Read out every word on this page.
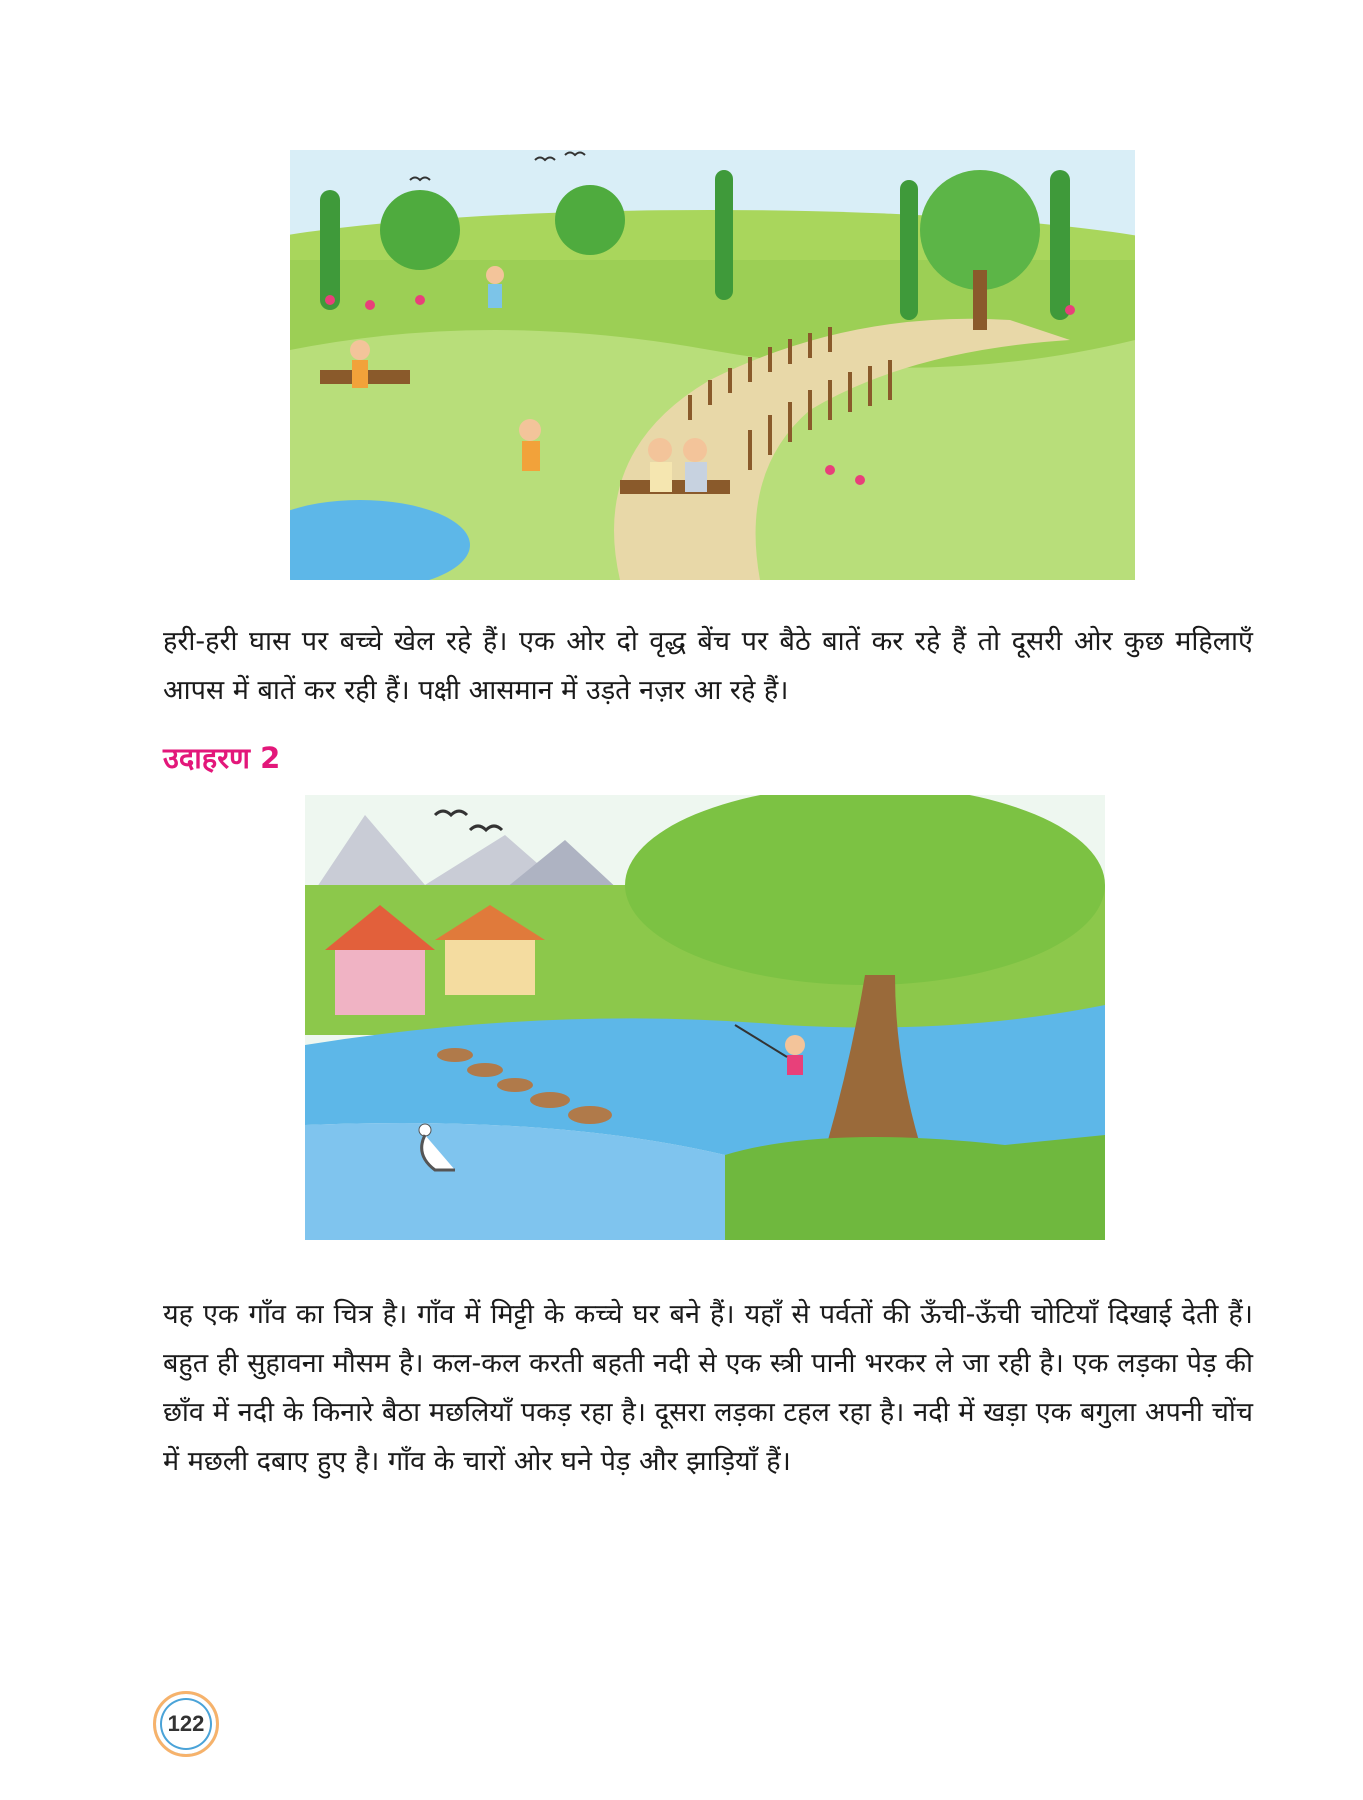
हरी-हरी घास पर बच्चे खेल रहे हैं। एक ओर दो वृद्ध बेंच पर बैठे बातें कर रहे हैं तो दूसरी ओर कुछ महिलाएँ आपस में बातें कर रही हैं। पक्षी आसमान में उड़ते नज़र आ रहे हैं।

उदाहरण 2

यह एक गाँव का चित्र है। गाँव में मिट्टी के कच्चे घर बने हैं। यहाँ से पर्वतों की ऊँची-ऊँची चोटियाँ दिखाई देती हैं। बहुत ही सुहावना मौसम है। कल-कल करती बहती नदी से एक स्त्री पानी भरकर ले जा रही है। एक लड़का पेड़ की छाँव में नदी के किनारे बैठा मछलियाँ पकड़ रहा है। दूसरा लड़का टहल रहा है। नदी में खड़ा एक बगुला अपनी चोंच में मछली दबाए हुए है। गाँव के चारों ओर घने पेड़ और झाड़ियाँ हैं।

122
